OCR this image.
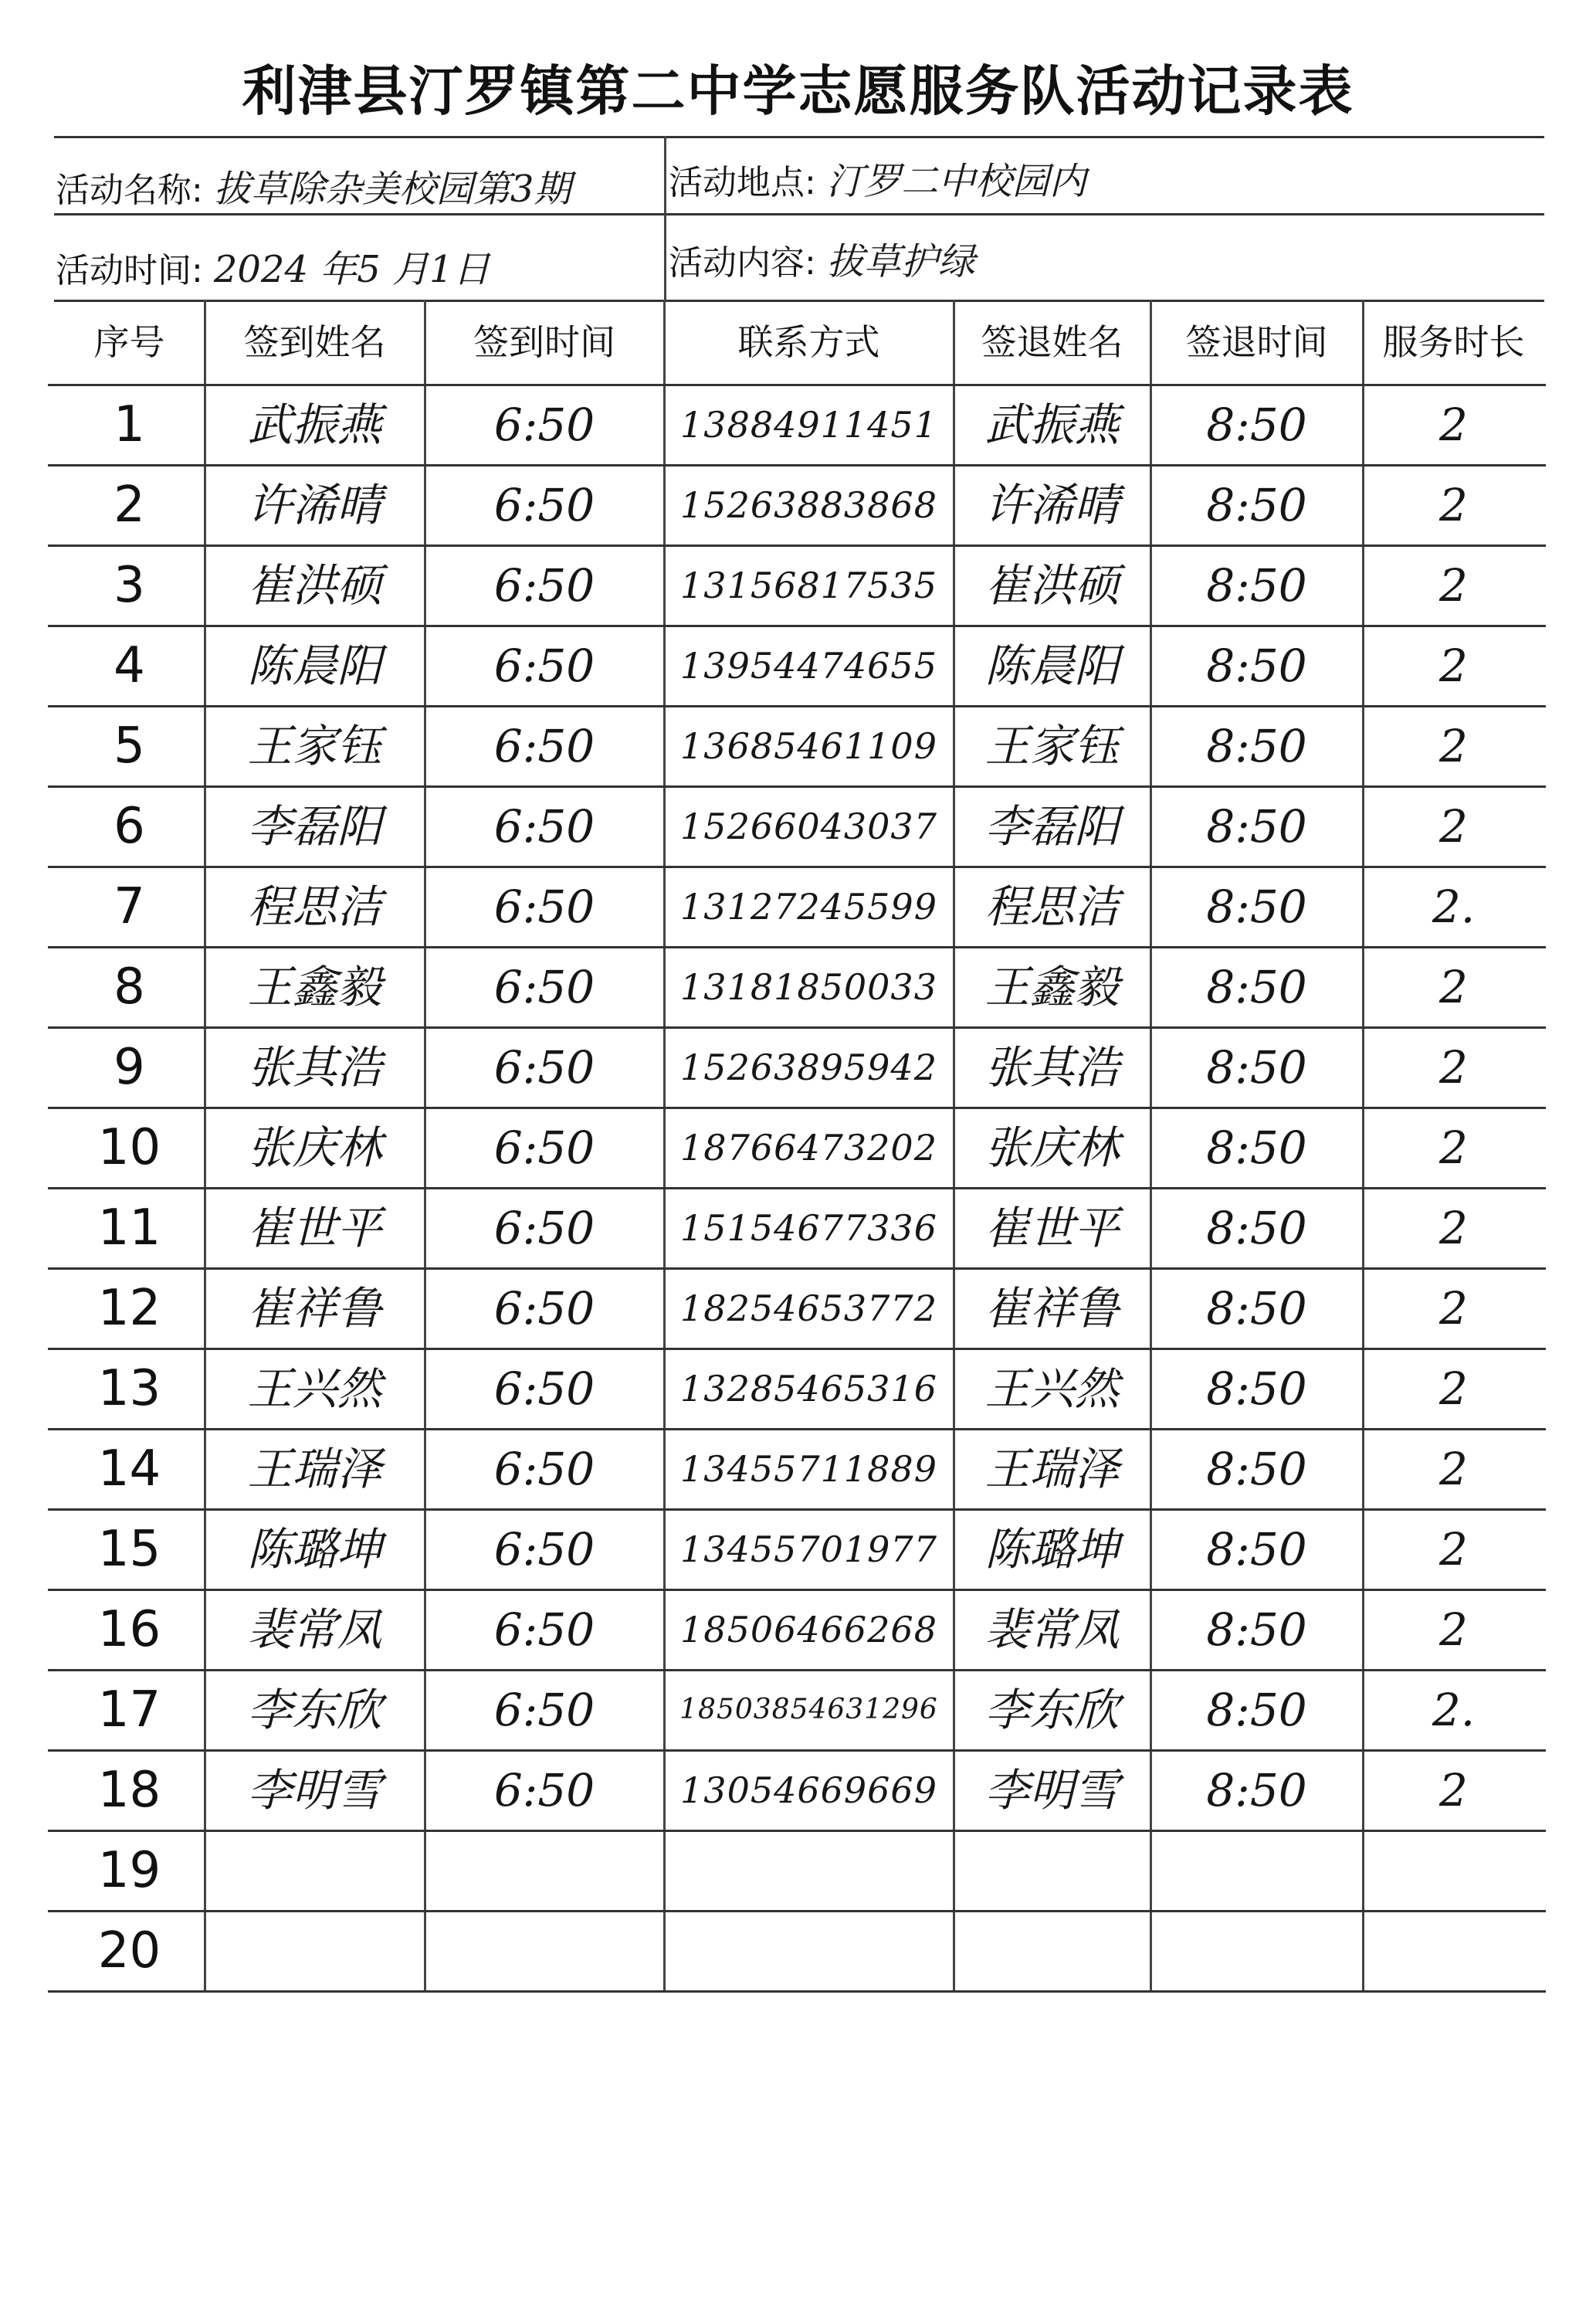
利津县汀罗镇第二中学志愿服务队活动记录表
活动名称: 拔草除杂美校园第3期	活动地点: 汀罗二中校园内
活动时间: 2024 年5 月1日	活动内容: 拔草护绿
序号	签到姓名	签到时间	联系方式	签退姓名	签退时间	服务时长
1	武振燕	6:50	13884911451	武振燕	8:50	2
2	许浠晴	6:50	15263883868	许浠晴	8:50	2
3	崔洪硕	6:50	13156817535	崔洪硕	8:50	2
4	陈晨阳	6:50	13954474655	陈晨阳	8:50	2
5	王家钰	6:50	13685461109	王家钰	8:50	2
6	李磊阳	6:50	15266043037	李磊阳	8:50	2
7	程思洁	6:50	13127245599	程思洁	8:50	2.
8	王鑫毅	6:50	13181850033	王鑫毅	8:50	2
9	张其浩	6:50	15263895942	张其浩	8:50	2
10	张庆林	6:50	18766473202	张庆林	8:50	2
11	崔世平	6:50	15154677336	崔世平	8:50	2
12	崔祥鲁	6:50	18254653772	崔祥鲁	8:50	2
13	王兴然	6:50	13285465316	王兴然	8:50	2
14	王瑞泽	6:50	13455711889	王瑞泽	8:50	2
15	陈璐坤	6:50	13455701977	陈璐坤	8:50	2
16	裴常凤	6:50	18506466268	裴常凤	8:50	2
17	李东欣	6:50	18503854631296	李东欣	8:50	2.
18	李明雪	6:50	13054669669	李明雪	8:50	2
19
20
